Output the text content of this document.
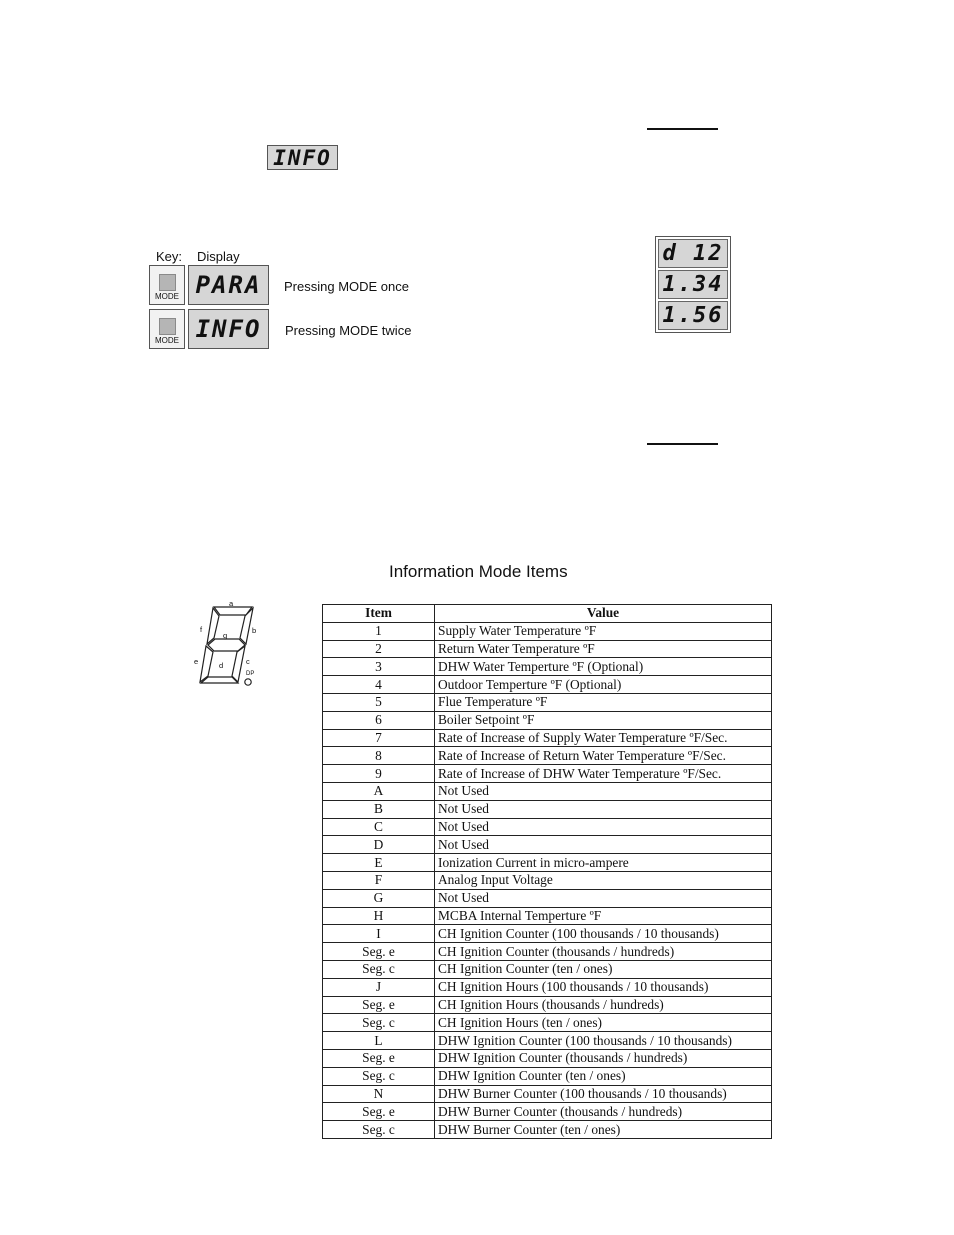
INFO
Key: Display
MODE PARA	Pressing MODE once
MODE INFO	Pressing MODE twice
d 12
1.34
1.56
Information Mode Items
a
b
c
d
e
f
g
DP
Item	Value
1	Supply Water Temperature ºF
2	Return Water Temperature ºF
3	DHW Water Temperture ºF (Optional)
4	Outdoor Temperture ºF (Optional)
5	Flue Temperature ºF
6	Boiler Setpoint ºF
7	Rate of Increase of Supply Water Temperature ºF/Sec.
8	Rate of Increase of Return Water Temperature ºF/Sec.
9	Rate of Increase of DHW Water Temperature ºF/Sec.
A	Not Used
B	Not Used
C	Not Used
D	Not Used
E	Ionization Current in micro-ampere
F	Analog Input Voltage
G	Not Used
H	MCBA Internal Temperture ºF
I	CH Ignition Counter (100 thousands / 10 thousands)
Seg. e	CH Ignition Counter (thousands / hundreds)
Seg. c	CH Ignition Counter (ten / ones)
J	CH Ignition Hours (100 thousands / 10 thousands)
Seg. e	CH Ignition Hours (thousands / hundreds)
Seg. c	CH Ignition Hours (ten / ones)
L	DHW Ignition Counter (100 thousands / 10 thousands)
Seg. e	DHW Ignition Counter (thousands / hundreds)
Seg. c	DHW Ignition Counter (ten / ones)
N	DHW Burner Counter (100 thousands / 10 thousands)
Seg. e	DHW Burner Counter (thousands / hundreds)
Seg. c	DHW Burner Counter (ten / ones)
